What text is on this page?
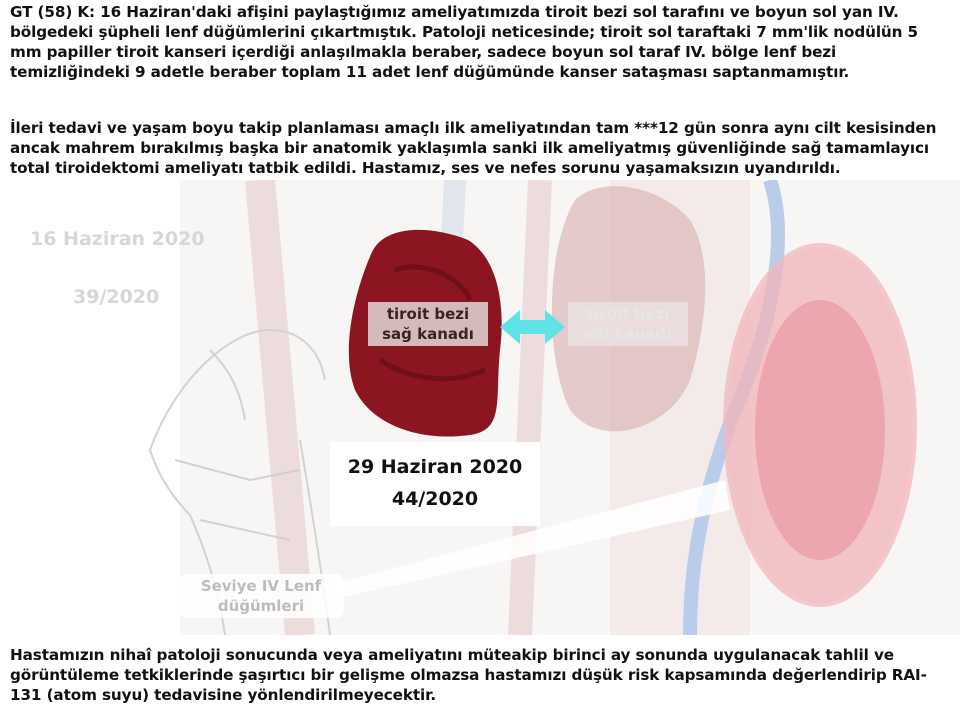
GT (58) K: 16 Haziran'daki afişini paylaştığımız ameliyatımızda tiroit bezi sol tarafını ve boyun sol yan IV. bölgedeki şüpheli lenf düğümlerini çıkartmıştık. Patoloji neticesinde; tiroit sol taraftaki 7 mm'lik nodülün 5 mm papiller tiroit kanseri içerdiği anlaşılmakla beraber, sadece boyun sol taraf IV. bölge lenf bezi temizliğindeki 9 adetle beraber toplam 11 adet lenf düğümünde kanser sataşması saptanmamıştır.

İleri tedavi ve yaşam boyu takip planlaması amaçlı ilk ameliyatından tam ***12 gün sonra aynı cilt kesisinden ancak mahrem bırakılmış başka bir anatomik yaklaşımla sanki ilk ameliyatmış güvenliğinde sağ tamamlayıcı total tiroidektomi ameliyatı tatbik edildi. Hastamız, ses ve nefes sorunu yaşamaksızın uyandırıldı.

16 Haziran 2020
39/2020
tiroit bezi sağ kanadı
tiroit bezi sol kanadı
29 Haziran 2020
44/2020
Seviye IV Lenf düğümleri

Hastamızın nihaî patoloji sonucunda veya ameliyatını müteakip birinci ay sonunda uygulanacak tahlil ve görüntüleme tetkiklerinde şaşırtıcı bir gelişme olmazsa hastamızı düşük risk kapsamında değerlendirip RAI-131 (atom suyu) tedavisine yönlendirilmeyecektir.
